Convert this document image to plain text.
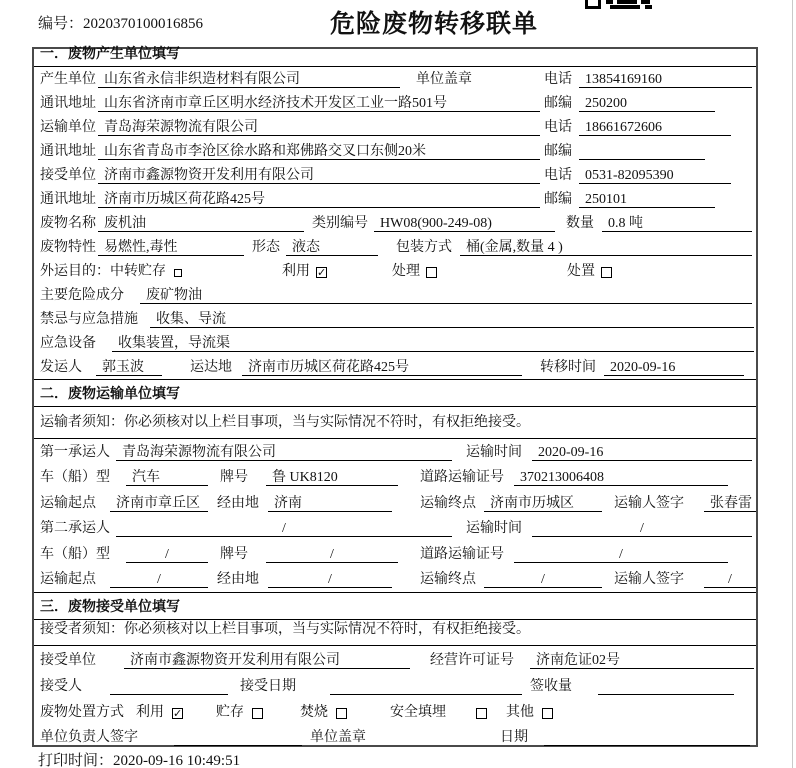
编号：2020370100016856	危险废物转移联单
一．废物产生单位填写
产生单位 山东省永信非织造材料有限公司	单位盖章	电话 13854169160
通讯地址 山东省济南市章丘区明水经济技术开发区工业一路501号	邮编 250200
运输单位 青岛海荣源物流有限公司	电话 18661672606
通讯地址 山东省青岛市李沧区徐水路和郑佛路交叉口东侧20米	邮编
接受单位 济南市鑫源物资开发利用有限公司	电话 0531-82095390
通讯地址 济南市历城区荷花路425号	邮编 250101
废物名称 废机油	类别编号 HW08(900-249-08)	数量	0.8 吨
废物特性 易燃性,毒性	形态 液态	包装方式	桶(金属,数量 4 )
外运目的： 中转贮存	利用 ✓	处理	处置
主要危险成分	废矿物油
禁忌与应急措施	收集、导流
应急设备	收集装置，导流渠
发运人	郭玉波	运达地	济南市历城区荷花路425号	转移时间	2020-09-16
二．废物运输单位填写
运输者须知：你必须核对以上栏目事项，当与实际情况不符时，有权拒绝接受。
第一承运人 青岛海荣源物流有限公司	运输时间	2020-09-16
车（船）型	汽车	牌号	鲁 UK8120	道路运输证号	370213006408
运输起点	济南市章丘区	经由地	济南	运输终点	济南市历城区	运输人签字	张春雷
第二承运人	/	运输时间	/
车（船）型	/	牌号	/	道路运输证号	/
运输起点	/	经由地	/	运输终点	/	运输人签字	/
三．废物接受单位填写
接受者须知：你必须核对以上栏目事项，当与实际情况不符时，有权拒绝接受。
接受单位	济南市鑫源物资开发利用有限公司	经营许可证号	济南危证02号
接受人	接受日期	签收量
废物处置方式 利用 ✓ 贮存	焚烧	安全填埋	其他
单位负责人签字	单位盖章	日期
打印时间：2020-09-16 10:49:51
